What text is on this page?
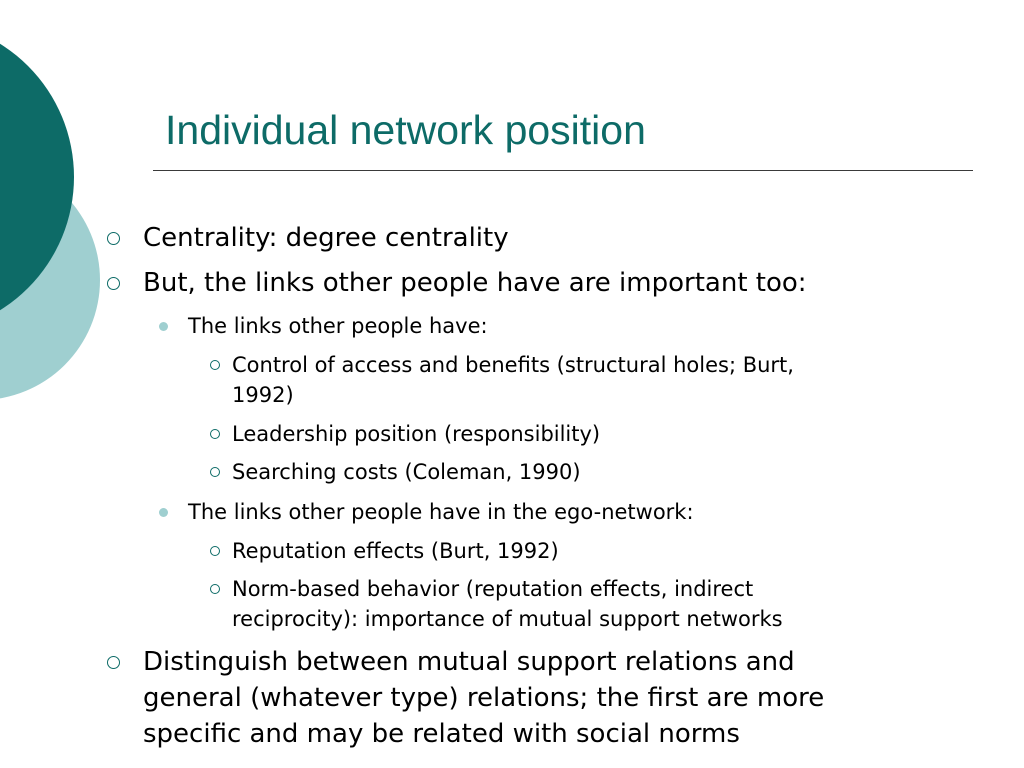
Individual network position
Centrality: degree centrality
But, the links other people have are important too:
The links other people have:
Control of access and benefits (structural holes; Burt,
1992)
Leadership position (responsibility)
Searching costs (Coleman, 1990)
The links other people have in the ego-network:
Reputation effects (Burt, 1992)
Norm-based behavior (reputation effects, indirect
reciprocity): importance of mutual support networks
Distinguish between mutual support relations and
general (whatever type) relations; the first are more
specific and may be related with social norms
